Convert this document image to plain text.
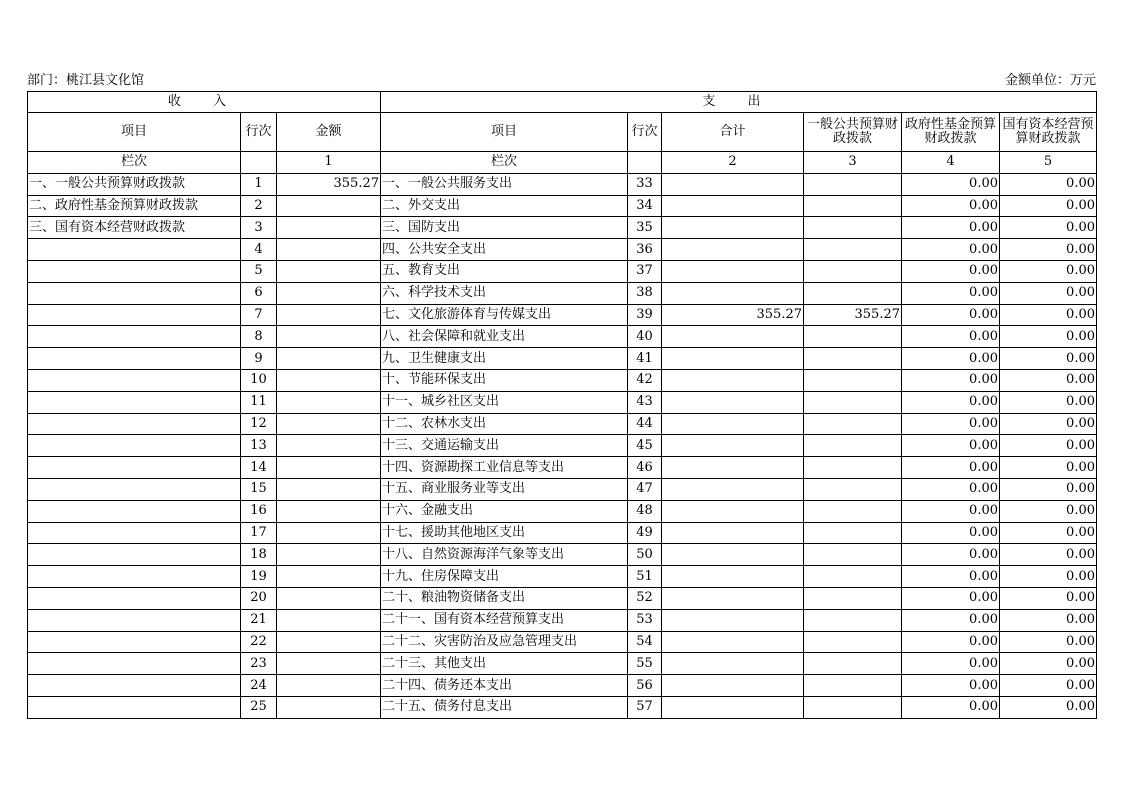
部门：桃江县文化馆	金额单位：万元
收 入			支 出					
项目	行次	金额	项目	行次	合计	一般公共预算财政拨款	政府性基金预算财政拨款	国有资本经营预算财政拨款
栏次		1	栏次		2	3	4	5
一、一般公共预算财政拨款	1	355.27	一、一般公共服务支出	33			0.00	0.00
二、政府性基金预算财政拨款	2		二、外交支出	34			0.00	0.00
三、国有资本经营财政拨款	3		三、国防支出	35			0.00	0.00
	4		四、公共安全支出	36			0.00	0.00
	5		五、教育支出	37			0.00	0.00
	6		六、科学技术支出	38			0.00	0.00
	7		七、文化旅游体育与传媒支出	39	355.27	355.27	0.00	0.00
	8		八、社会保障和就业支出	40			0.00	0.00
	9		九、卫生健康支出	41			0.00	0.00
	10		十、节能环保支出	42			0.00	0.00
	11		十一、城乡社区支出	43			0.00	0.00
	12		十二、农林水支出	44			0.00	0.00
	13		十三、交通运输支出	45			0.00	0.00
	14		十四、资源勘探工业信息等支出	46			0.00	0.00
	15		十五、商业服务业等支出	47			0.00	0.00
	16		十六、金融支出	48			0.00	0.00
	17		十七、援助其他地区支出	49			0.00	0.00
	18		十八、自然资源海洋气象等支出	50			0.00	0.00
	19		十九、住房保障支出	51			0.00	0.00
	20		二十、粮油物资储备支出	52			0.00	0.00
	21		二十一、国有资本经营预算支出	53			0.00	0.00
	22		二十二、灾害防治及应急管理支出	54			0.00	0.00
	23		二十三、其他支出	55			0.00	0.00
	24		二十四、债务还本支出	56			0.00	0.00
	25		二十五、债务付息支出	57			0.00	0.00
